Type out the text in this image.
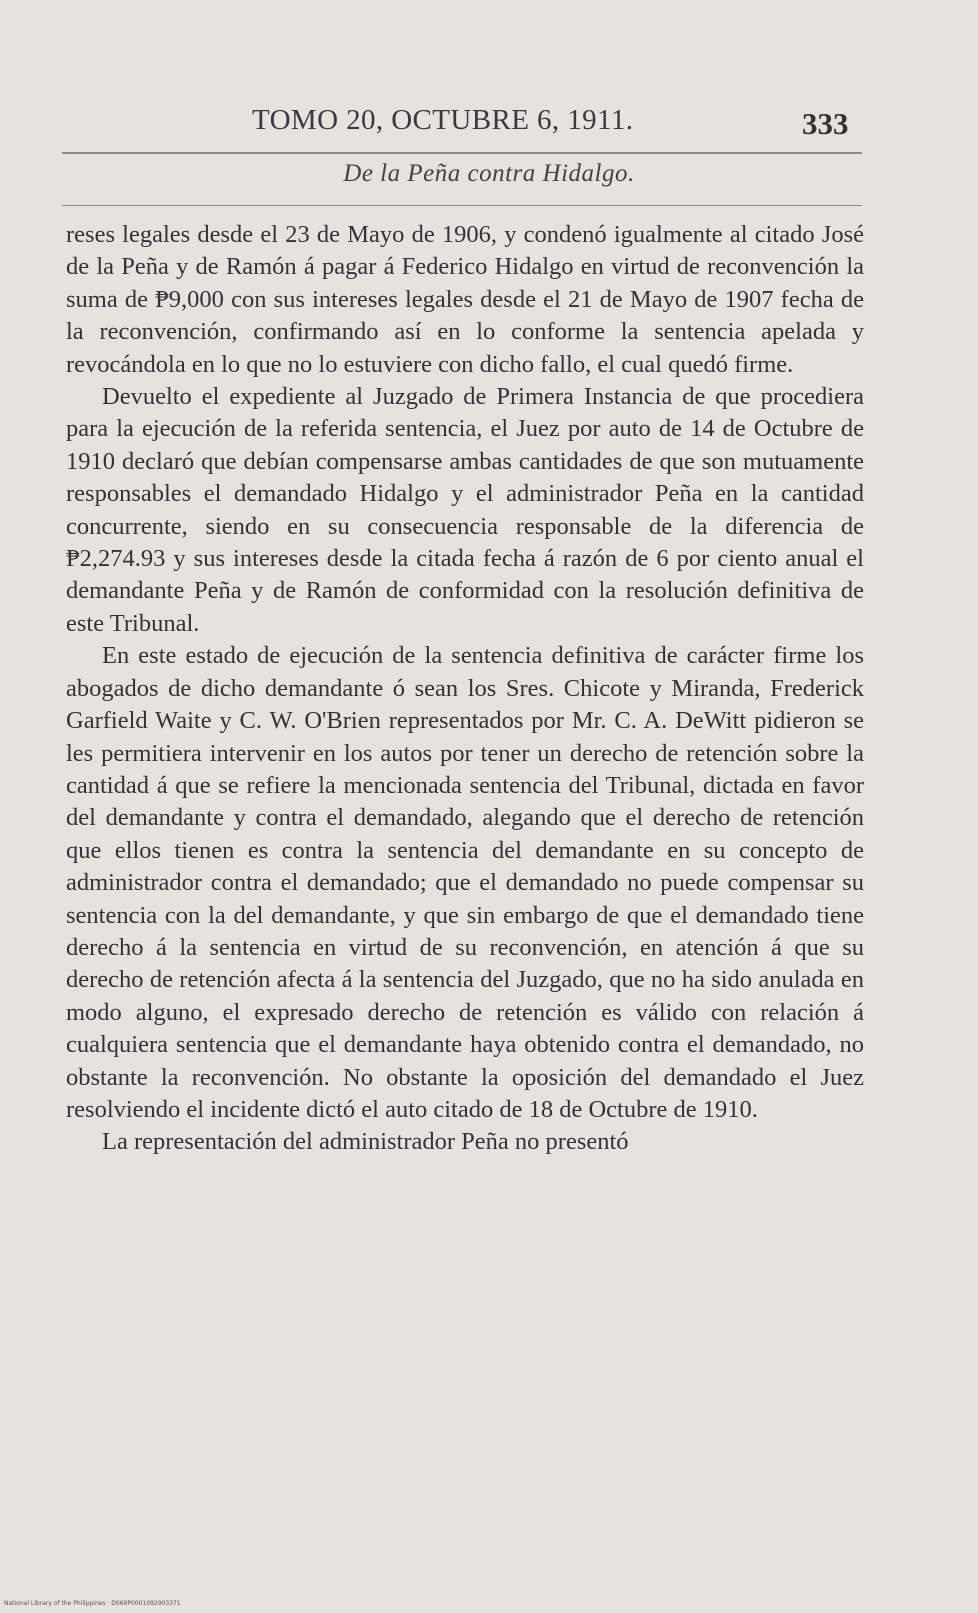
TOMO 20, OCTUBRE 6, 1911.	333
De la Peña contra Hidalgo.

reses legales desde el 23 de Mayo de 1906, y condenó igualmente al citado José de la Peña y de Ramón á pagar á Federico Hidalgo en virtud de reconvención la suma de ₱9,000 con sus intereses legales desde el 21 de Mayo de 1907 fecha de la reconvención, confirmando así en lo conforme la sentencia apelada y revocándola en lo que no lo estuviere con dicho fallo, el cual quedó firme.

Devuelto el expediente al Juzgado de Primera Instancia de que procediera para la ejecución de la referida sentencia, el Juez por auto de 14 de Octubre de 1910 declaró que debían compensarse ambas cantidades de que son mutuamente responsables el demandado Hidalgo y el administrador Peña en la cantidad concurrente, siendo en su consecuencia responsable de la diferencia de ₱2,274.93 y sus intereses desde la citada fecha á razón de 6 por ciento anual el demandante Peña y de Ramón de conformidad con la resolución definitiva de este Tribunal.

En este estado de ejecución de la sentencia definitiva de carácter firme los abogados de dicho demandante ó sean los Sres. Chicote y Miranda, Frederick Garfield Waite y C. W. O'Brien representados por Mr. C. A. DeWitt pidieron se les permitiera intervenir en los autos por tener un derecho de retención sobre la cantidad á que se refiere la mencionada sentencia del Tribunal, dictada en favor del demandante y contra el demandado, alegando que el derecho de retención que ellos tienen es contra la sentencia del demandante en su concepto de administrador contra el demandado; que el demandado no puede compensar su sentencia con la del demandante, y que sin embargo de que el demandado tiene derecho á la sentencia en virtud de su reconvención, en atención á que su derecho de retención afecta á la sentencia del Juzgado, que no ha sido anulada en modo alguno, el expresado derecho de retención es válido con relación á cualquiera sentencia que el demandante haya obtenido contra el demandado, no obstante la reconvención. No obstante la oposición del demandado el Juez resolviendo el incidente dictó el auto citado de 18 de Octubre de 1910.

La representación del administrador Peña no presentó

National Library of the Philippines · D069P0001092903371
